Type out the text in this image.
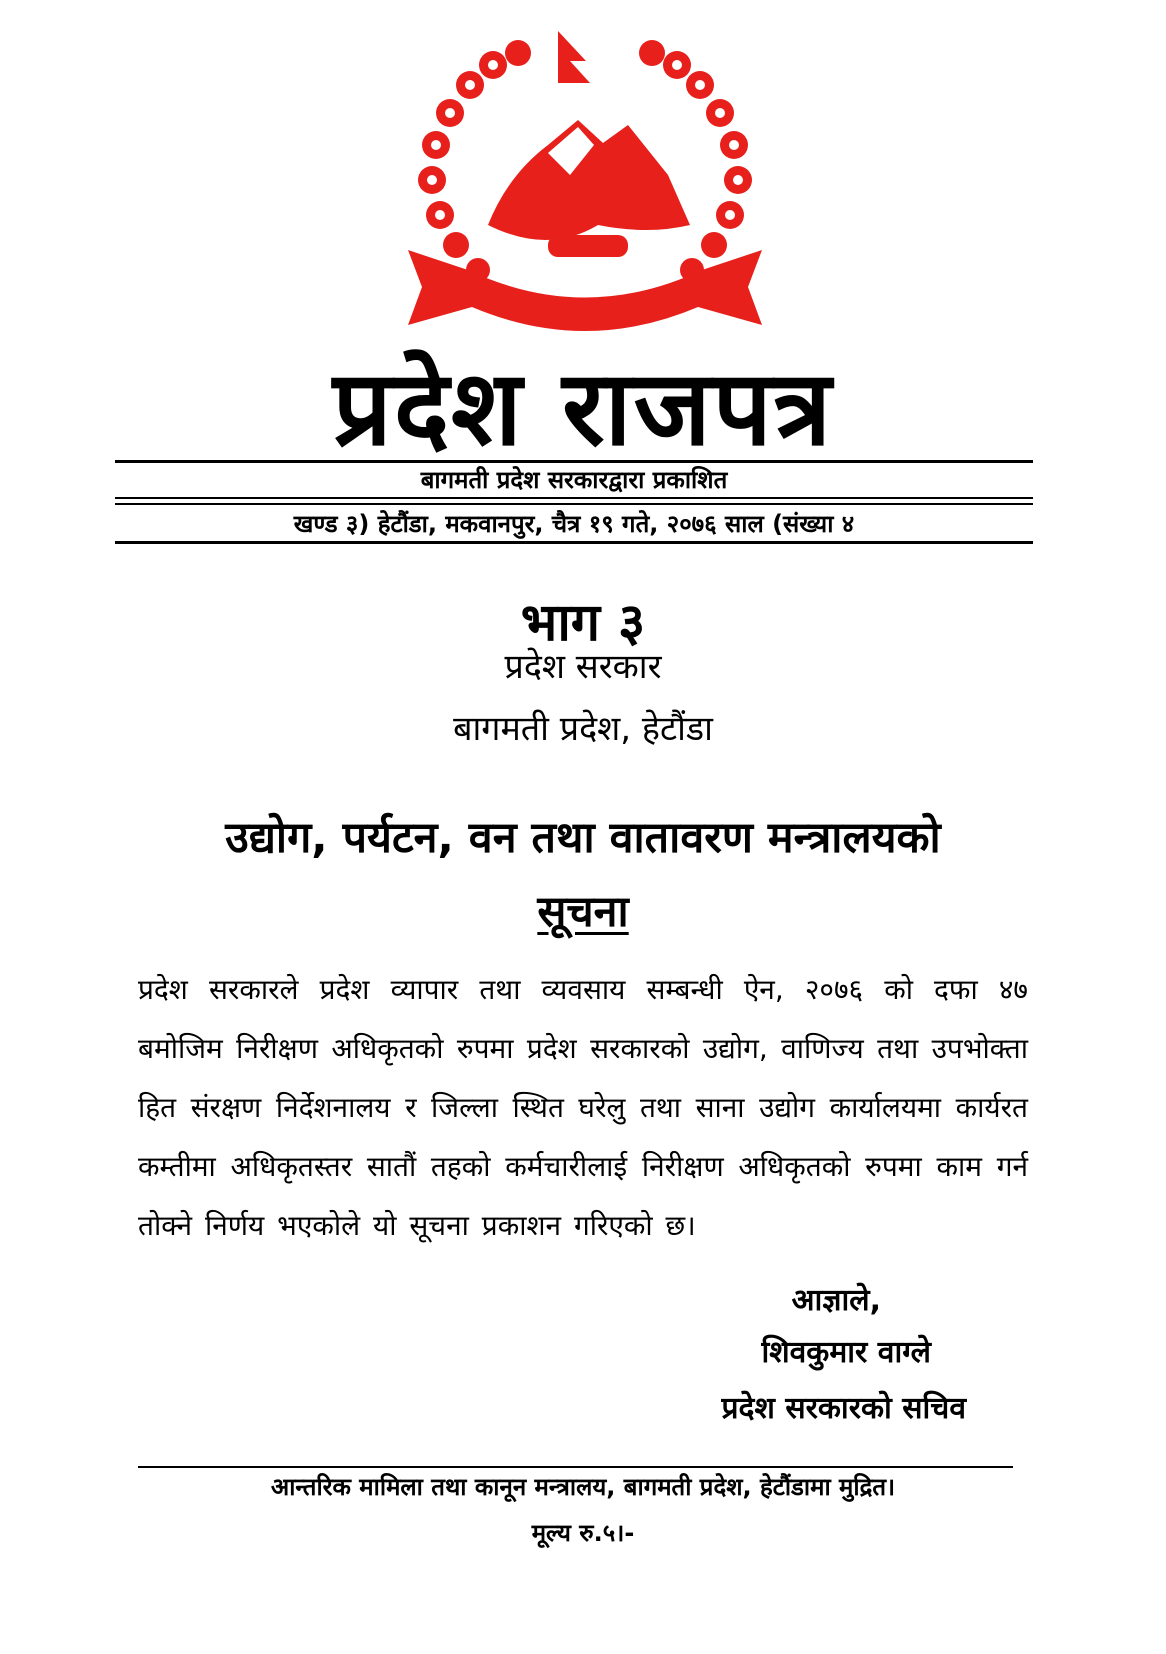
प्रदेश राजपत्र
बागमती प्रदेश सरकारद्वारा प्रकाशित
खण्ड ३) हेटौंडा, मकवानपुर, चैत्र १९ गते, २०७६ साल (संख्या ४
भाग ३
प्रदेश सरकार
बागमती प्रदेश, हेटौंडा
उद्योग, पर्यटन, वन तथा वातावरण मन्त्रालयको
सूचना
प्रदेश सरकारले प्रदेश व्यापार तथा व्यवसाय सम्बन्धी ऐन, २०७६ को दफा ४७ बमोजिम निरीक्षण अधिकृतको रुपमा प्रदेश सरकारको उद्योग, वाणिज्य तथा उपभोक्ता हित संरक्षण निर्देशनालय र जिल्ला स्थित घरेलु तथा साना उद्योग कार्यालयमा कार्यरत कम्तीमा अधिकृतस्तर सातौं तहको कर्मचारीलाई निरीक्षण अधिकृतको रुपमा काम गर्न तोक्ने निर्णय भएकोले यो सूचना प्रकाशन गरिएको छ।
आज्ञाले,
शिवकुमार वाग्ले
प्रदेश सरकारको सचिव
आन्तरिक मामिला तथा कानून मन्त्रालय, बागमती प्रदेश, हेटौंडामा मुद्रित।
मूल्य रु.५।-
